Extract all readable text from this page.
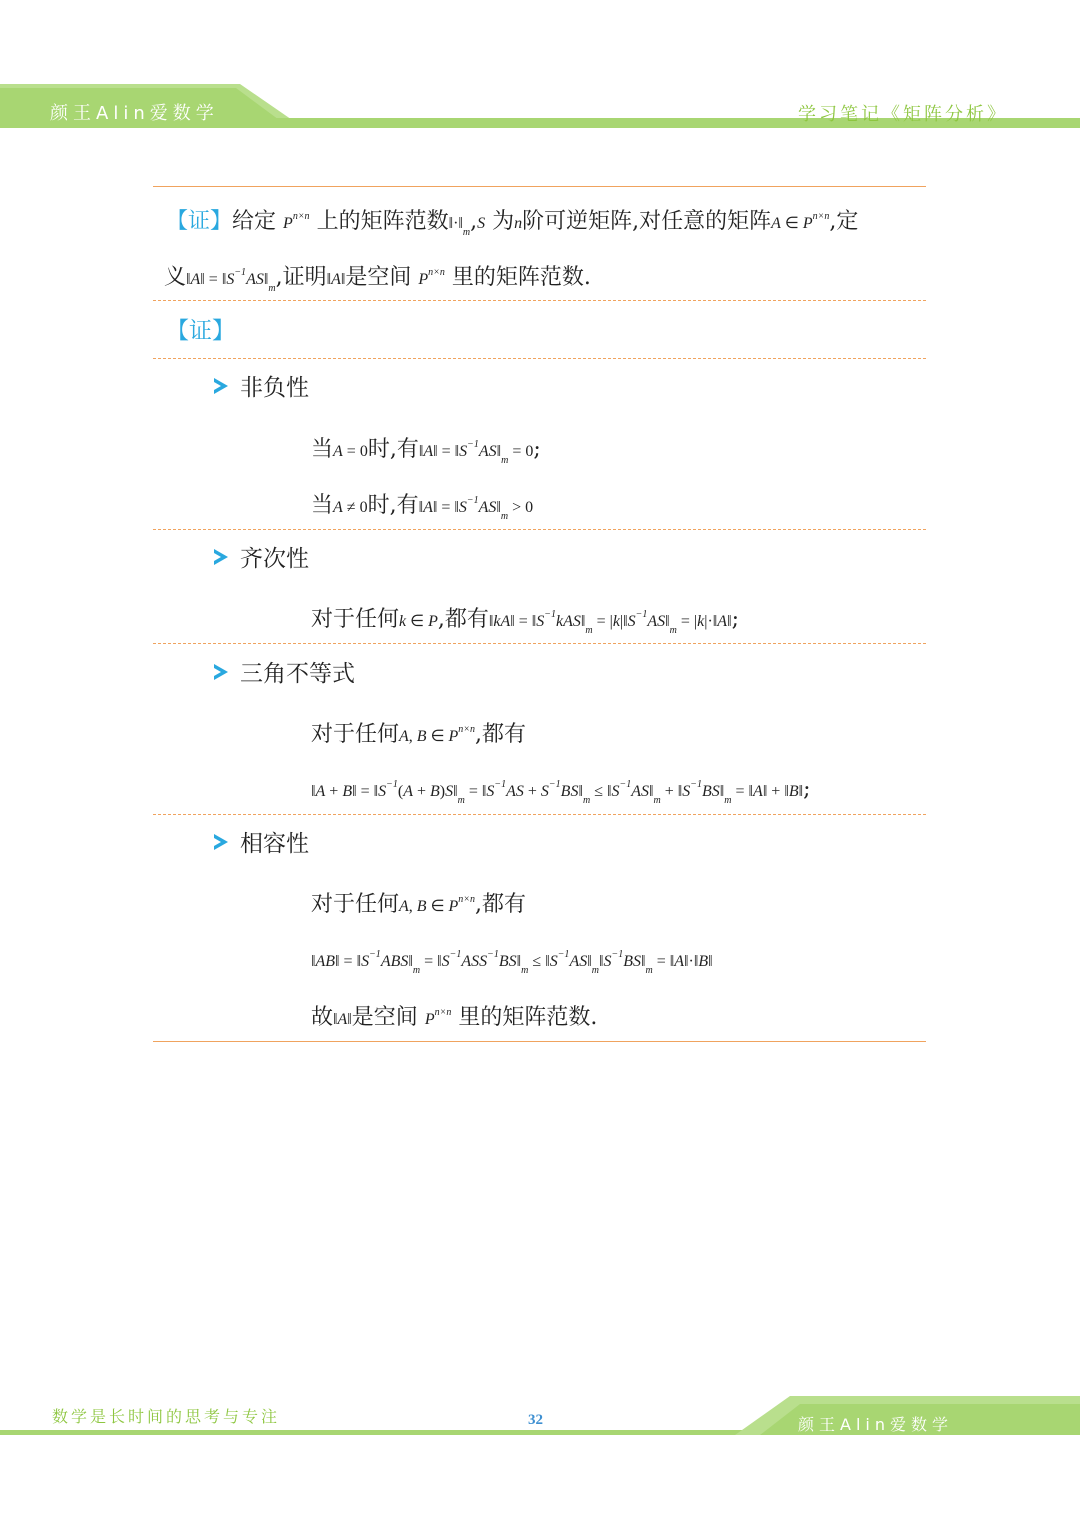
颜王Alin爱数学	学习笔记《矩阵分析》
【证】给定 $P^{n\times n}$ 上的矩阵范数$‖\cdot‖_m,S$ 为n阶可逆矩阵,对任意的矩阵A ∈ $P^{n\times n}$,定
义‖A‖ = $‖S^{-1}AS‖_m$,证明‖A‖是空间 $P^{n\times n}$ 里的矩阵范数.
【证】
非负性
当A = 0时,有‖A‖ = $‖S^{-1}AS‖_m = 0$;
当A ≠ 0时,有‖A‖ = $‖S^{-1}AS‖_m > 0$
齐次性
对于任何k ∈ P,都有‖kA‖ = $‖S^{-1}kAS‖_m$ = $|k|‖S^{-1}AS‖_m$ = |k|·‖A‖;
三角不等式
对于任何A, B ∈ $P^{n\times n}$,都有
‖A + B‖ = $‖S^{-1}(A$ + $B)S‖_m$ = $‖S^{-1}AS$ + $S^{-1}BS‖_m$ ≤ $‖S^{-1}AS‖_m$ + $‖S^{-1}BS‖_m$ = ‖A‖ + ‖B‖;
相容性
对于任何A, B ∈ $P^{n\times n}$,都有
‖AB‖ = $‖S^{-1}ABS‖_m$ = $‖S^{-1}ASS^{-1}BS‖_m$ ≤ $‖S^{-1}AS‖_m‖S^{-1}BS‖_m$ = ‖A‖·‖B‖
故‖A‖是空间 $P^{n\times n}$ 里的矩阵范数.
数学是长时间的思考与专注	32	颜王Alin爱数学
